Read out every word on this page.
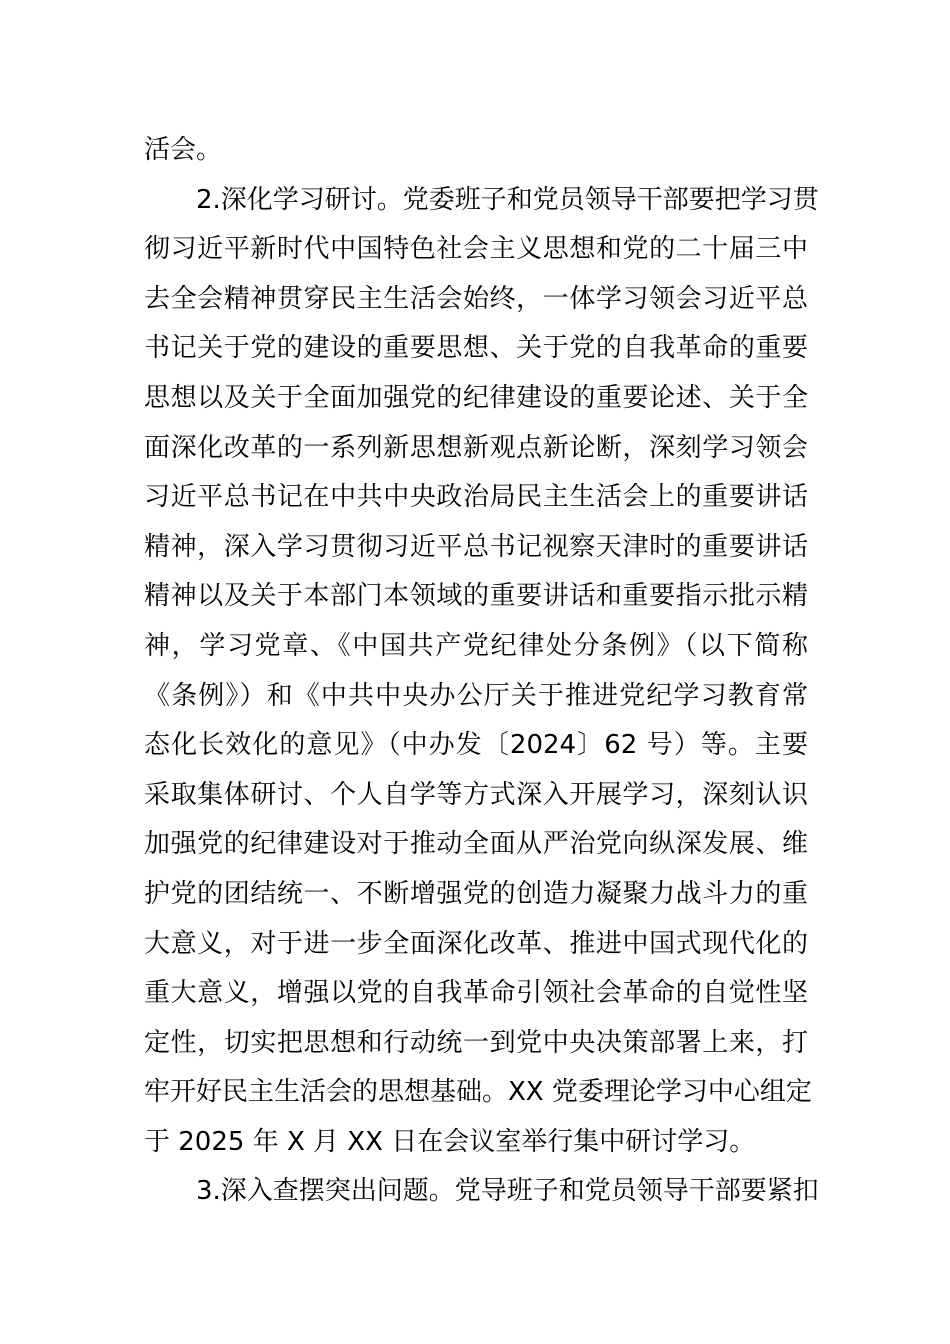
活会。
2.深化学习研讨。党委班子和党员领导干部要把学习贯
彻习近平新时代中国特色社会主义思想和党的二十届三中
去全会精神贯穿民主生活会始终，一体学习领会习近平总
书记关于党的建设的重要思想、关于党的自我革命的重要
思想以及关于全面加强党的纪律建设的重要论述、关于全
面深化改革的一系列新思想新观点新论断，深刻学习领会
习近平总书记在中共中央政治局民主生活会上的重要讲话
精神，深入学习贯彻习近平总书记视察天津时的重要讲话
精神以及关于本部门本领域的重要讲话和重要指示批示精
神，学习党章、《中国共产党纪律处分条例》（以下简称
《条例》）和《中共中央办公厅关于推进党纪学习教育常
态化长效化的意见》（中办发〔2024〕62 号）等。主要
采取集体研讨、个人自学等方式深入开展学习，深刻认识
加强党的纪律建设对于推动全面从严治党向纵深发展、维
护党的团结统一、不断增强党的创造力凝聚力战斗力的重
大意义，对于进一步全面深化改革、推进中国式现代化的
重大意义，增强以党的自我革命引领社会革命的自觉性坚
定性，切实把思想和行动统一到党中央决策部署上来，打
牢开好民主生活会的思想基础。XX 党委理论学习中心组定
于 2025 年 X 月 XX 日在会议室举行集中研讨学习。
3.深入查摆突出问题。党导班子和党员领导干部要紧扣
